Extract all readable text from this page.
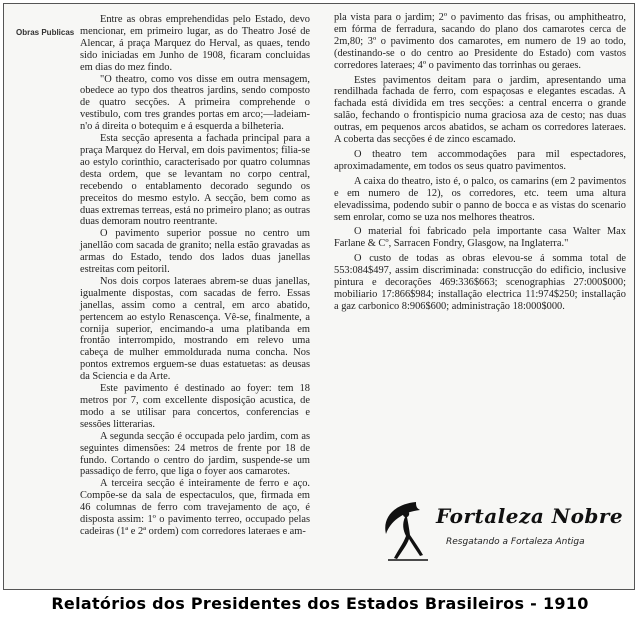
Obras Publicas

Entre as obras emprehendidas pelo Estado, devo mencionar, em primeiro lugar, as do Theatro José de Alencar, á praça Marquez do Herval, as quaes, tendo sido iniciadas em Junho de 1908, ficaram concluidas em dias do mez findo.

"O theatro, como vos disse em outra mensagem, obedece ao typo dos theatros jardins, sendo composto de quatro secções. A primeira comprehende o vestibulo, com tres grandes portas em arco;—ladeiam-n'o á direita o botequim e á esquerda a bilheteria.

Esta secção apresenta a fachada principal para a praça Marquez do Herval, em dois pavimentos; filia-se ao estylo corinthio, caracterisado por quatro columnas desta ordem, que se levantam no corpo central, recebendo o entablamento decorado segundo os preceitos do mesmo estylo. A secção, bem como as duas extremas terreas, está no primeiro plano; as outras duas demoram noutro reentrante.

O pavimento superior possue no centro um janellão com sacada de granito; nella estão gravadas as armas do Estado, tendo dos lados duas janellas estreitas com peitoril.

Nos dois corpos lateraes abrem-se duas janellas, igualmente dispostas, com sacadas de ferro. Essas janellas, assim como a central, em arco abatido, pertencem ao estylo Renascença. Vê-se, finalmente, a cornija superior, encimando-a uma platibanda em frontão interrompido, mostrando em relevo uma cabeça de mulher emmoldurada numa concha. Nos pontos extremos erguem-se duas estatuetas: as deusas da Sciencia e da Arte.

Este pavimento é destinado ao foyer: tem 18 metros por 7, com excellente disposição acustica, de modo a se utilisar para concertos, conferencias e sessões litterarias.

A segunda secção é occupada pelo jardim, com as seguintes dimensões: 24 metros de frente por 18 de fundo. Cortando o centro do jardim, suspende-se um passadiço de ferro, que liga o foyer aos camarotes.

A terceira secção é inteiramente de ferro e aço. Compõe-se da sala de espectaculos, que, firmada em 46 columnas de ferro com travejamento de aço, é disposta assim: 1º o pavimento terreo, occupado pelas cadeiras (1ª e 2ª ordem) com corredores lateraes e am-

pla vista para o jardim; 2º o pavimento das frisas, ou amphitheatro, em fórma de ferradura, sacando do plano dos camarotes cerca de 2m,80; 3º o pavimento dos camarotes, em numero de 19 ao todo, (destinando-se o do centro ao Presidente do Estado) com vastos corredores lateraes; 4º o pavimento das torrinhas ou geraes.

Estes pavimentos deitam para o jardim, apresentando uma rendilhada fachada de ferro, com espaçosas e elegantes escadas. A fachada está dividida em tres secções: a central encerra o grande salão, fechando o frontispicio numa graciosa aza de cesto; nas duas outras, em pequenos arcos abatidos, se acham os corredores lateraes. A coberta das secções é de zinco escamado.

O theatro tem accommodações para mil espectadores, aproximadamente, em todos os seus quatro pavimentos.

A caixa do theatro, isto é, o palco, os camarins (em 2 pavimentos e em numero de 12), os corredores, etc. teem uma altura elevadissima, podendo subir o panno de bocca e as vistas do scenario sem enrolar, como se uza nos melhores theatros.

O material foi fabricado pela importante casa Walter Max Farlane & Cº, Sarracen Fondry, Glasgow, na Inglaterra."

O custo de todas as obras elevou-se á somma total de 553:084$497, assim discriminada: construcção do edificio, inclusive pintura e decorações 469:336$663; scenographias 27:000$000; mobiliario 17:866$984; installação electrica 11:974$250; installação a gaz carbonico 8:906$600; administração 18:000$000.

Fortaleza Nobre
Resgatando a Fortaleza Antiga
Relatórios dos Presidentes dos Estados Brasileiros - 1910
